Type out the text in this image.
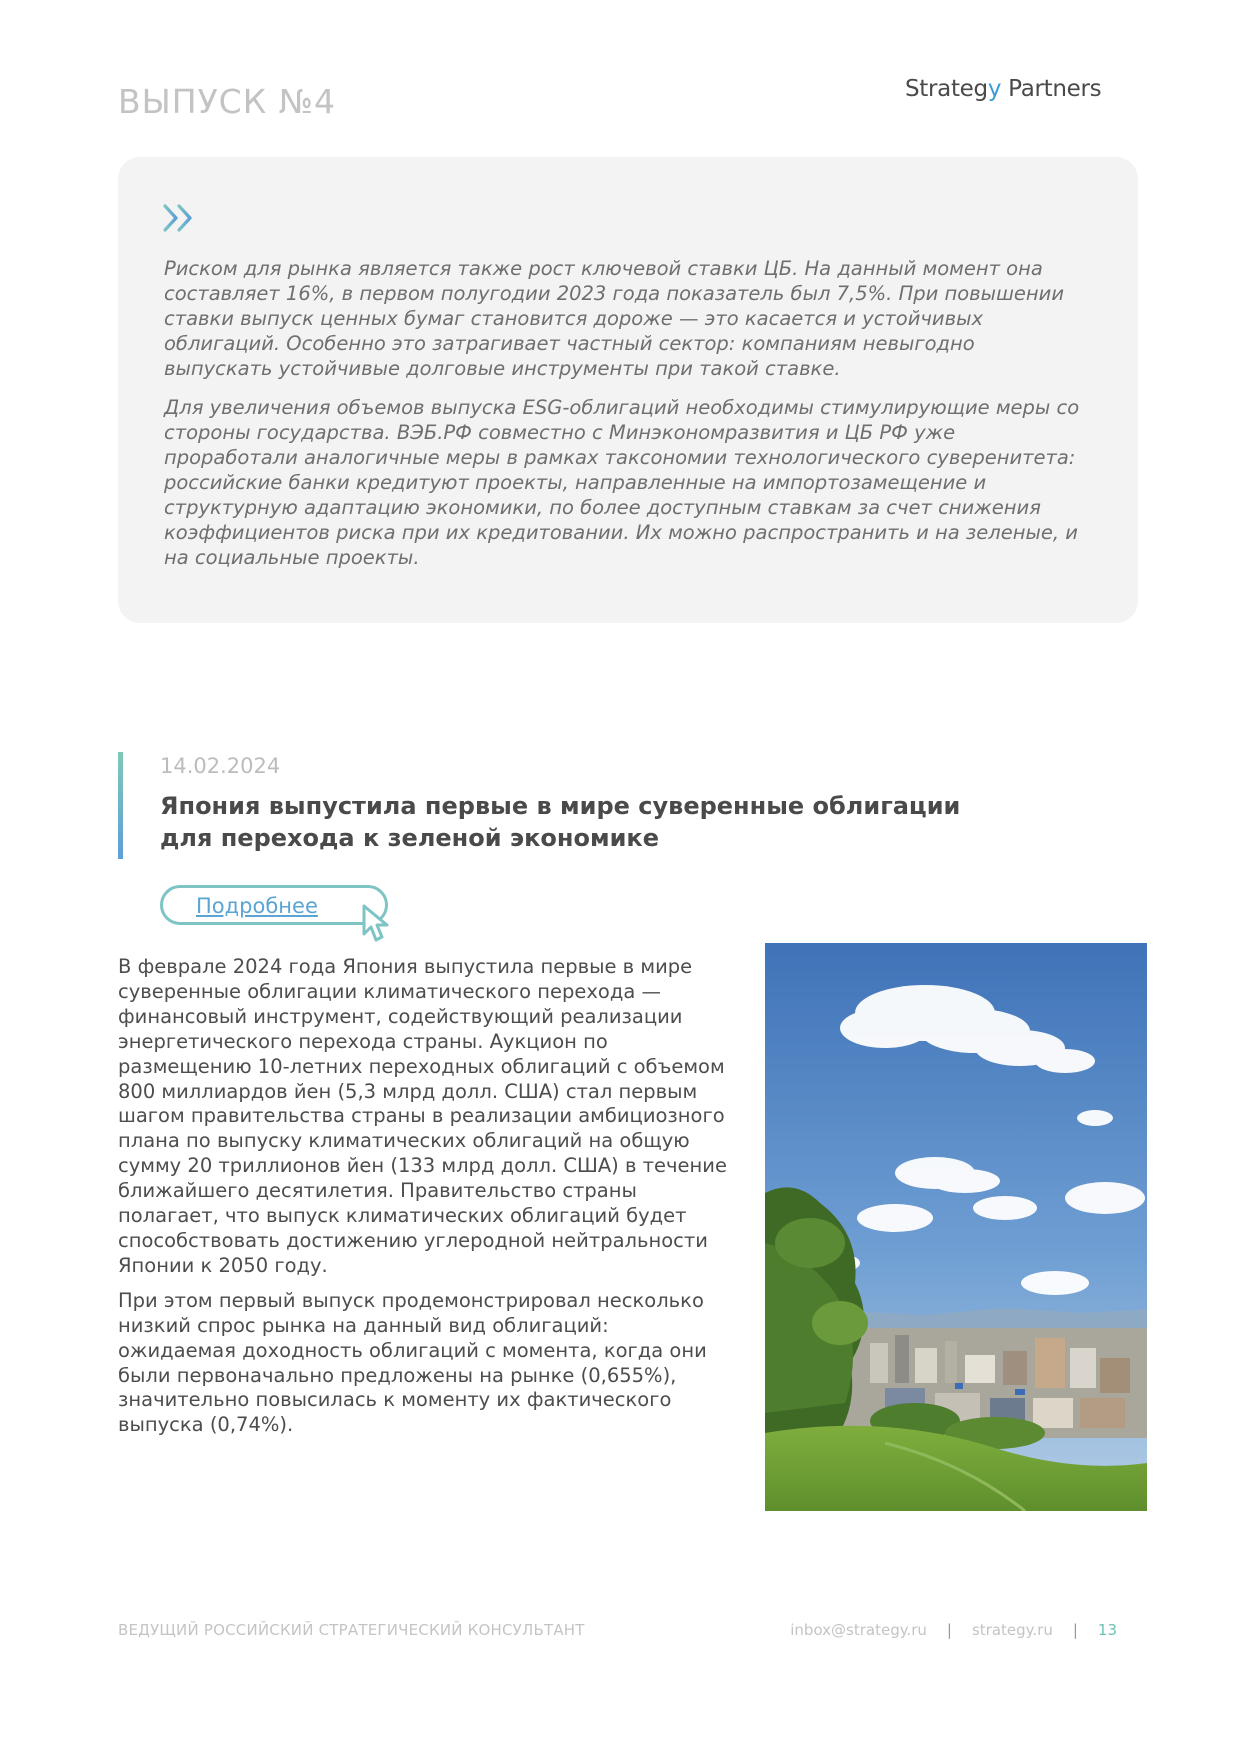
ВЫПУСК №4	Strategy Partners

Риском для рынка является также рост ключевой ставки ЦБ. На данный момент она составляет 16%, в первом полугодии 2023 года показатель был 7,5%. При повышении ставки выпуск ценных бумаг становится дороже — это касается и устойчивых облигаций. Особенно это затрагивает частный сектор: компаниям невыгодно выпускать устойчивые долговые инструменты при такой ставке.

Для увеличения объемов выпуска ESG-облигаций необходимы стимулирующие меры со стороны государства. ВЭБ.РФ совместно с Минэкономразвития и ЦБ РФ уже проработали аналогичные меры в рамках таксономии технологического суверенитета: российские банки кредитуют проекты, направленные на импортозамещение и структурную адаптацию экономики, по более доступным ставкам за счет снижения коэффициентов риска при их кредитовании. Их можно распространить и на зеленые, и на социальные проекты.

14.02.2024
Япония выпустила первые в мире суверенные облигации для перехода к зеленой экономике
Подробнее

В феврале 2024 года Япония выпустила первые в мире суверенные облигации климатического перехода — финансовый инструмент, содействующий реализации энергетического перехода страны. Аукцион по размещению 10-летних переходных облигаций с объемом 800 миллиардов йен (5,3 млрд долл. США) стал первым шагом правительства страны в реализации амбициозного плана по выпуску климатических облигаций на общую сумму 20 триллионов йен (133 млрд долл. США) в течение ближайшего десятилетия. Правительство страны полагает, что выпуск климатических облигаций будет способствовать достижению углеродной нейтральности Японии к 2050 году.

При этом первый выпуск продемонстрировал несколько низкий спрос рынка на данный вид облигаций: ожидаемая доходность облигаций с момента, когда они были первоначально предложены на рынке (0,655%), значительно повысилась к моменту их фактического выпуска (0,74%).

ВЕДУЩИЙ РОССИЙСКИЙ СТРАТЕГИЧЕСКИЙ КОНСУЛЬТАНТ	inbox@strategy.ru | strategy.ru | 13
